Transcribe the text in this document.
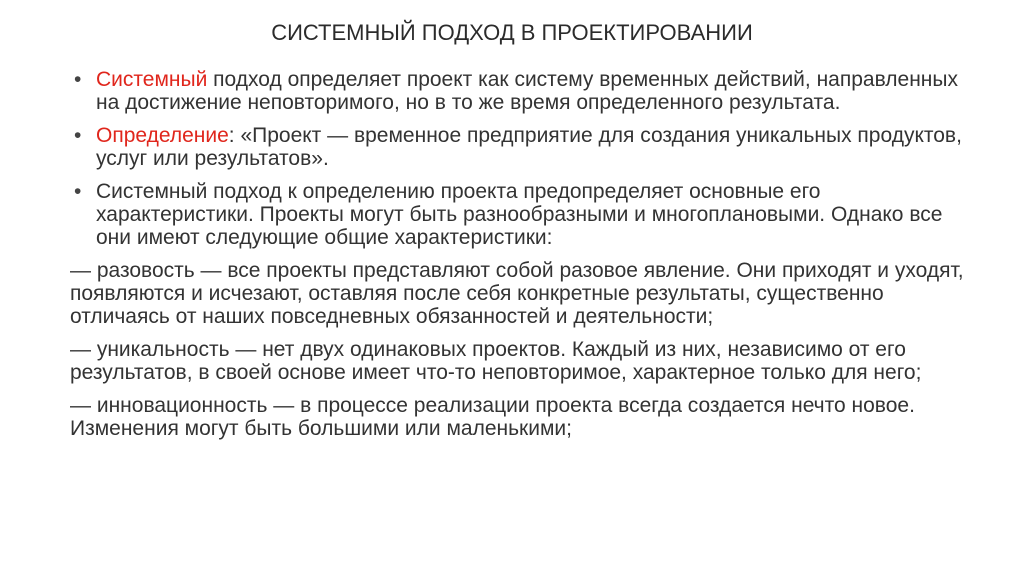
СИСТЕМНЫЙ ПОДХОД В ПРОЕКТИРОВАНИИ
• Системный подход определяет проект как систему временных действий, направленных на достижение неповторимого, но в то же время определенного результата.
• Определение: «Проект — временное предприятие для создания уникальных продуктов, услуг или результатов».
• Системный подход к определению проекта предопределяет основные его характеристики. Проекты могут быть разнообразными и многоплановыми. Однако все они имеют следующие общие характеристики:
— разовость — все проекты представляют собой разовое явление. Они приходят и уходят, появляются и исчезают, оставляя после себя конкретные результаты, существенно отличаясь от наших повседневных обязанностей и деятельности;
— уникальность — нет двух одинаковых проектов. Каждый из них, независимо от его результатов, в своей основе имеет что-то неповторимое, характерное только для него;
— инновационность — в процессе реализации проекта всегда создается нечто новое. Изменения могут быть большими или маленькими;
